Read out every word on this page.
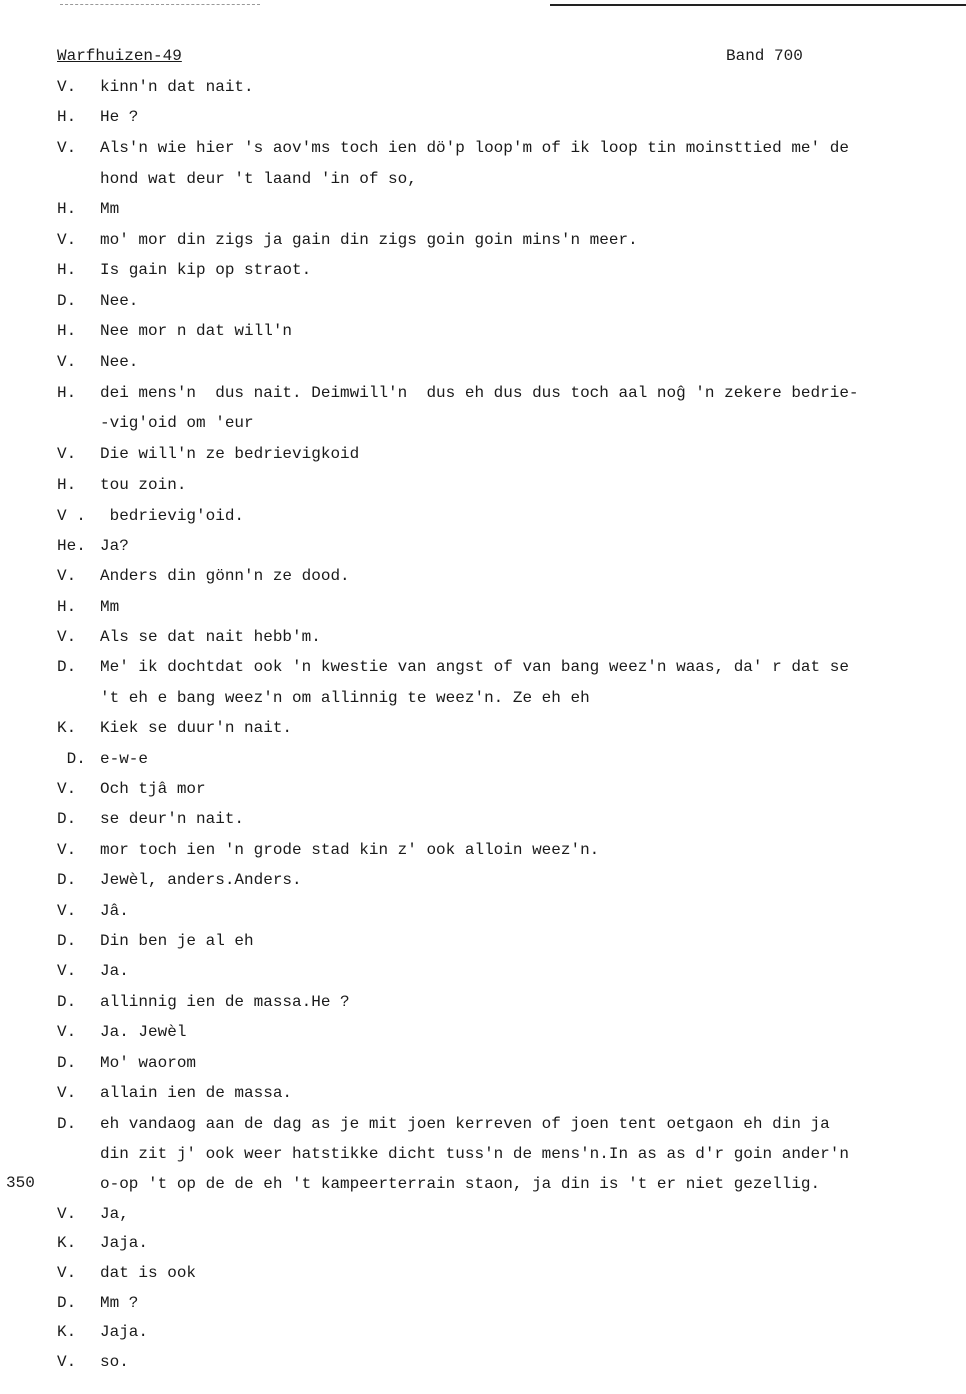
Warfhuizen-49	Band 700
V. kinn'n dat nait.
H. He ?
V. Als'n wie hier 's aov'ms toch ien dö'p loop'm of ik loop tin moinsttied me' de
hond wat deur 't laand 'in of so,
H. Mm
V. mo' mor din zigs ja gain din zigs goin goin mins'n meer.
H. Is gain kip op straot.
D. Nee.
H. Nee mor n dat will'n
V. Nee.
H. dei mens'n  dus nait. Deimwill'n  dus eh dus dus toch aal noĝ 'n zekere bedrie-
-vig'oid om 'eur
V. Die will'n ze bedrievigkoid
H. tou zoin.
V . bedrievig'oid.
He. Ja?
V. Anders din gönn'n ze dood.
H. Mm
V. Als se dat nait hebb'm.
D. Me' ik dochtdat ook 'n kwestie van angst of van bang weez'n waas, da' r dat se
't eh e bang weez'n om allinnig te weez'n. Ze eh eh
K. Kiek se duur'n nait.
D. e-w-e
V. Och tjâ mor
D. se deur'n nait.
V. mor toch ien 'n grode stad kin z' ook alloin weez'n.
D. Jewèl, anders.Anders.
V. Jâ.
D. Din ben je al eh
V. Ja.
D. allinnig ien de massa.He ?
V. Ja. Jewèl
D. Mo' waorom
V. allain ien de massa.
D. eh vandaog aan de dag as je mit joen kerreven of joen tent oetgaon eh din ja
din zit j' ook weer hatstikke dicht tuss'n de mens'n.In as as d'r goin ander'n
o-op 't op de de eh 't kampeerterrain staon, ja din is 't er niet gezellig.
V. Ja,
K. Jaja.
V. dat is ook
D. Mm ?
K. Jaja.
V. so.
350
